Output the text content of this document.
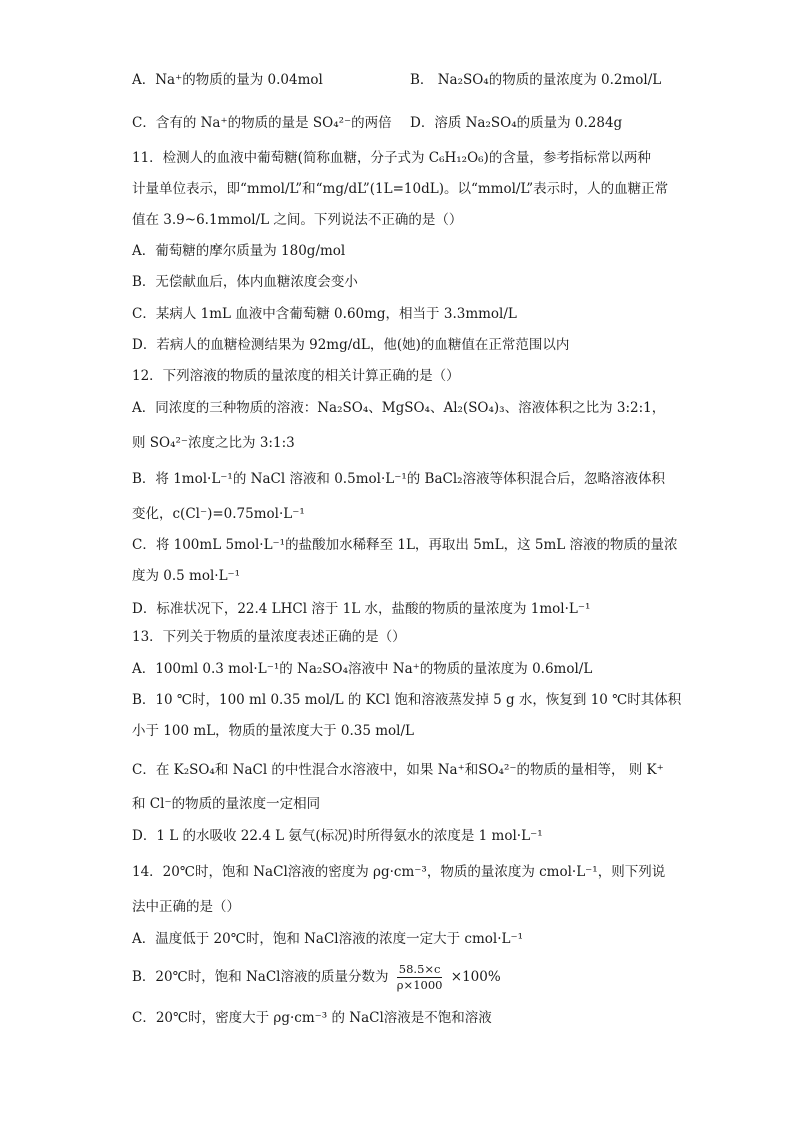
A．Na⁺的物质的量为 0.04mol	B． Na₂SO₄的物质的量浓度为 0.2mol/L
C．含有的 Na⁺的物质的量是 SO₄²⁻的两倍 D．溶质 Na₂SO₄的质量为 0.284g
11．检测人的血液中葡萄糖(简称血糖，分子式为 C₆H₁₂O₆)的含量，参考指标常以两种
计量单位表示，即“mmol/L”和“mg/dL”(1L=10dL)。以“mmol/L”表示时，人的血糖正常
值在 3.9~6.1mmol/L 之间。下列说法不正确的是（）
A．葡萄糖的摩尔质量为 180g/mol
B．无偿献血后，体内血糖浓度会变小
C．某病人 1mL 血液中含葡萄糖 0.60mg，相当于 3.3mmol/L
D．若病人的血糖检测结果为 92mg/dL，他(她)的血糖值在正常范围以内
12．下列溶液的物质的量浓度的相关计算正确的是（）
A．同浓度的三种物质的溶液：Na₂SO₄、MgSO₄、Al₂(SO₄)₃、溶液体积之比为 3:2:1，
则 SO₄²⁻浓度之比为 3:1:3
B．将 1mol·L⁻¹的 NaCl 溶液和 0.5mol·L⁻¹的 BaCl₂溶液等体积混合后，忽略溶液体积
变化，c(Cl⁻)=0.75mol·L⁻¹
C．将 100mL 5mol·L⁻¹的盐酸加水稀释至 1L，再取出 5mL，这 5mL 溶液的物质的量浓
度为 0.5 mol·L⁻¹
D．标准状况下，22.4 LHCl 溶于 1L 水，盐酸的物质的量浓度为 1mol·L⁻¹
13．下列关于物质的量浓度表述正确的是（）
A．100ml 0.3 mol·L⁻¹的 Na₂SO₄溶液中 Na⁺的物质的量浓度为 0.6mol/L
B．10 ℃时，100 ml 0.35 mol/L 的 KCl 饱和溶液蒸发掉 5 g 水，恢复到 10 ℃时其体积
小于 100 mL，物质的量浓度大于 0.35 mol/L
C．在 K₂SO₄和 NaCl 的中性混合水溶液中，如果 Na⁺和SO₄²⁻的物质的量相等， 则 K⁺
和 Cl⁻的物质的量浓度一定相同
D．1 L 的水吸收 22.4 L 氨气(标况)时所得氨水的浓度是 1 mol·L⁻¹
14．20℃时，饱和 NaCl溶液的密度为 ρg·cm⁻³，物质的量浓度为 cmol·L⁻¹，则下列说
法中正确的是（）
A．温度低于 20℃时，饱和 NaCl溶液的浓度一定大于 cmol·L⁻¹
B．20℃时，饱和 NaCl溶液的质量分数为 $\frac{58.5\times c}{\rho\times 1000} \times 100\%$
C．20℃时，密度大于 ρg·cm⁻³ 的 NaCl溶液是不饱和溶液
